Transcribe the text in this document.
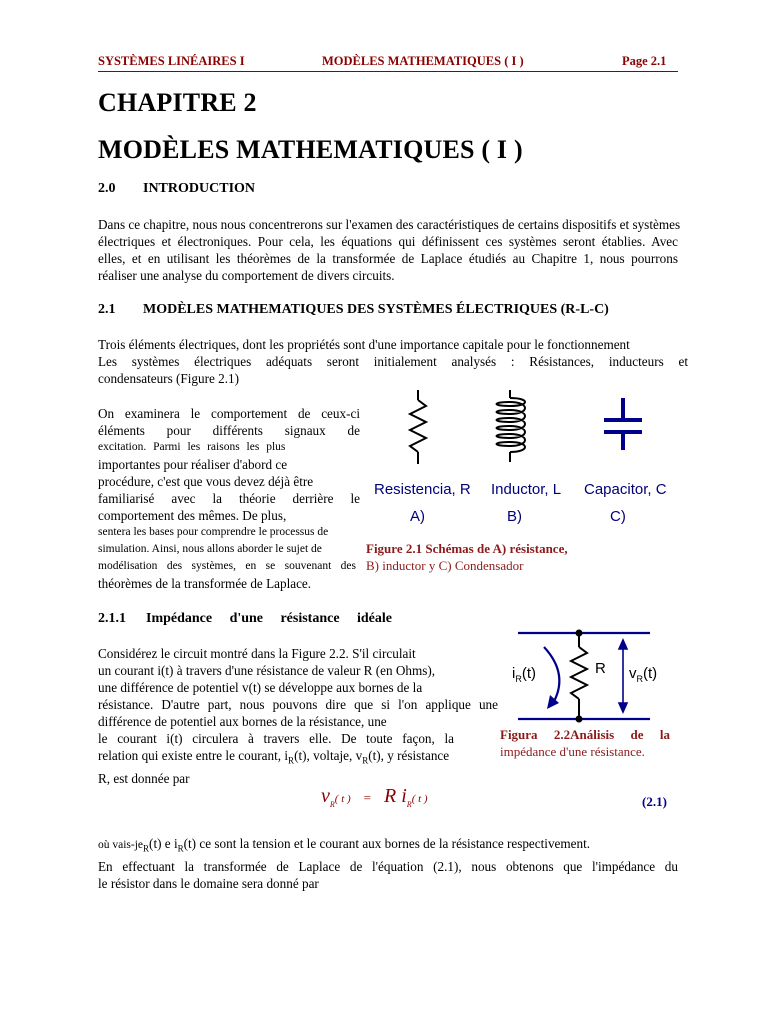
SYSTÈMES LINÉAIRES I	MODÈLES MATHEMATIQUES ( I )	Page 2.1
CHAPITRE 2
MODÈLES MATHEMATIQUES ( I )
2.0 INTRODUCTION
Dans ce chapitre, nous nous concentrerons sur l'examen des caractéristiques de certains dispositifs et systèmes
électriques et électroniques. Pour cela, les équations qui définissent ces systèmes seront établies. Avec
elles, et en utilisant les théorèmes de la transformée de Laplace étudiés au Chapitre 1, nous pourrons
réaliser une analyse du comportement de divers circuits.
2.1 MODÈLES MATHEMATIQUES DES SYSTÈMES ÉLECTRIQUES (R-L-C)
Trois éléments électriques, dont les propriétés sont d'une importance capitale pour le fonctionnement
Les systèmes électriques adéquats seront initialement analysés : Résistances, inducteurs et
condensateurs (Figure 2.1)
On examinera le comportement de ceux-ci
éléments pour différents signaux de
excitation. Parmi les raisons les plus
importantes pour réaliser d'abord ce
procédure, c'est que vous devez déjà être
familiarisé avec la théorie derrière le
comportement des mêmes. De plus,
sentera les bases pour comprendre le processus de
simulation. Ainsi, nous allons aborder le sujet de
modélisation des systèmes, en se souvenant des
théorèmes de la transformée de Laplace.
Resistencia, R Inductor, L Capacitor, C
A)	B)	C)
Figure 2.1 Schémas de A) résistance,
B) inductor y C) Condensador
2.1.1 Impédance d'une résistance idéale
Considérez le circuit montré dans la Figure 2.2. S'il circulait
un courant i(t) à travers d'une résistance de valeur R (en Ohms),
une différence de potentiel v(t) se développe aux bornes de la
résistance. D'autre part, nous pouvons dire que si l'on applique une
différence de potentiel aux bornes de la résistance, une
le courant i(t) circulera à travers elle. De toute façon, la
relation qui existe entre le courant, $i_R(t)$, voltaje, $v_R(t)$, y résistance
R, est donnée par
$i_R(t)$	R $v_R(t)$
Figura 2.2Análisis de la
impédance d'une résistance.
$v_R$( t ) = R $i_R$( t )	(2.1)
où vais-$je_R(t)$ e $i_R(t)$ ce sont la tension et le courant aux bornes de la résistance respectivement.
En effectuant la transformée de Laplace de l'équation (2.1), nous obtenons que l'impédance du
le résistor dans le domaine sera donné par
